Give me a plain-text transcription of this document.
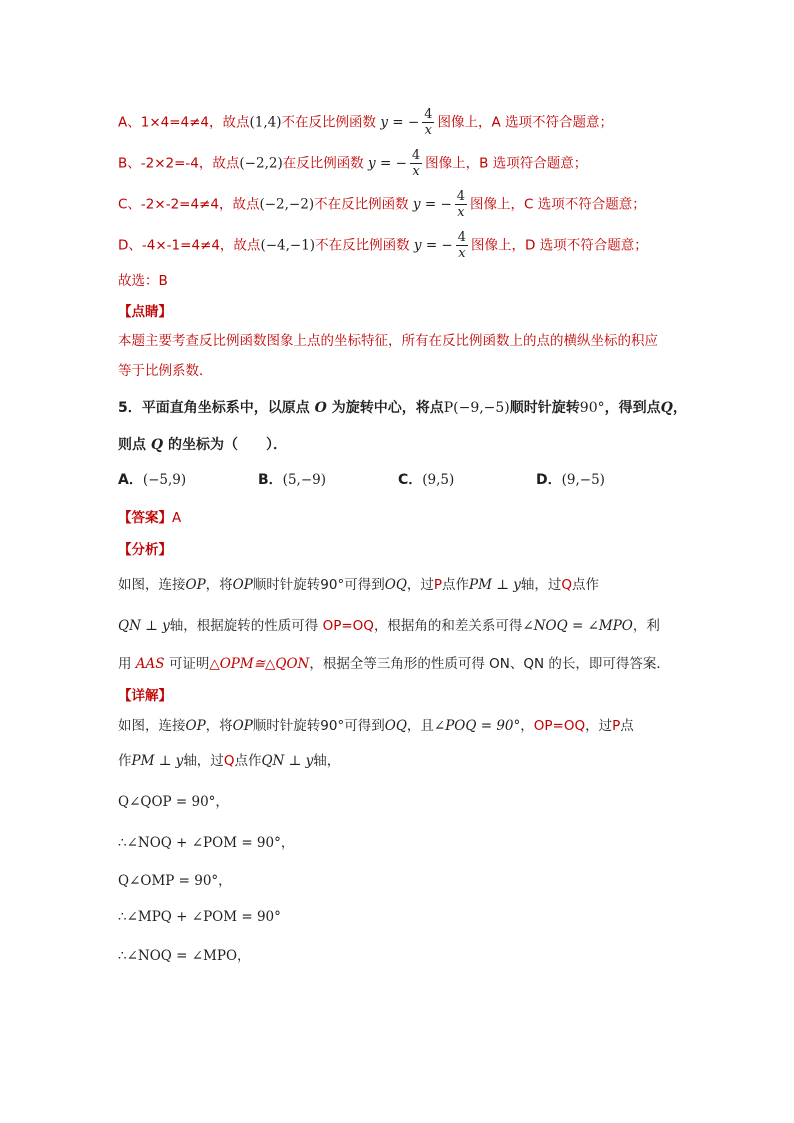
A、1×4=4≠4，故点(1,4)不在反比例函数 y = − $\frac{4}{x}$ 图像上，A 选项不符合题意；
B、-2×2=-4，故点(−2,2)在反比例函数 y = − $\frac{4}{x}$ 图像上，B 选项符合题意；
C、-2×-2=4≠4，故点(−2,−2)不在反比例函数 y = − $\frac{4}{x}$ 图像上，C 选项不符合题意；
D、-4×-1=4≠4，故点(−4,−1)不在反比例函数 y = − $\frac{4}{x}$ 图像上，D 选项不符合题意；
故选：B
【点睛】
本题主要考查反比例函数图象上点的坐标特征，所有在反比例函数上的点的横纵坐标的积应
等于比例系数．
5．平面直角坐标系中，以原点 O 为旋转中心，将点P(−9,−5)顺时针旋转90°，得到点Q，
则点 Q 的坐标为（　　）．
A．(−5,9)	B．(5,−9)	C．(9,5)	D．(9,−5)
【答案】A
【分析】
如图，连接OP，将OP顺时针旋转90°可得到OQ，过P点作PM ⊥ y轴，过Q点作
QN ⊥ y轴，根据旋转的性质可得 OP=OQ，根据角的和差关系可得∠NOQ = ∠MPO，利
用 AAS 可证明△OPM≅△QON，根据全等三角形的性质可得 ON、QN 的长，即可得答案．
【详解】
如图，连接OP，将OP顺时针旋转90°可得到OQ，且∠POQ = 90°，OP=OQ，过P点
作PM ⊥ y轴，过Q点作QN ⊥ y轴，
Q∠QOP = 90°，
∴∠NOQ + ∠POM = 90°，
Q∠OMP = 90°，
∴∠MPQ + ∠POM = 90°
∴∠NOQ = ∠MPO，
